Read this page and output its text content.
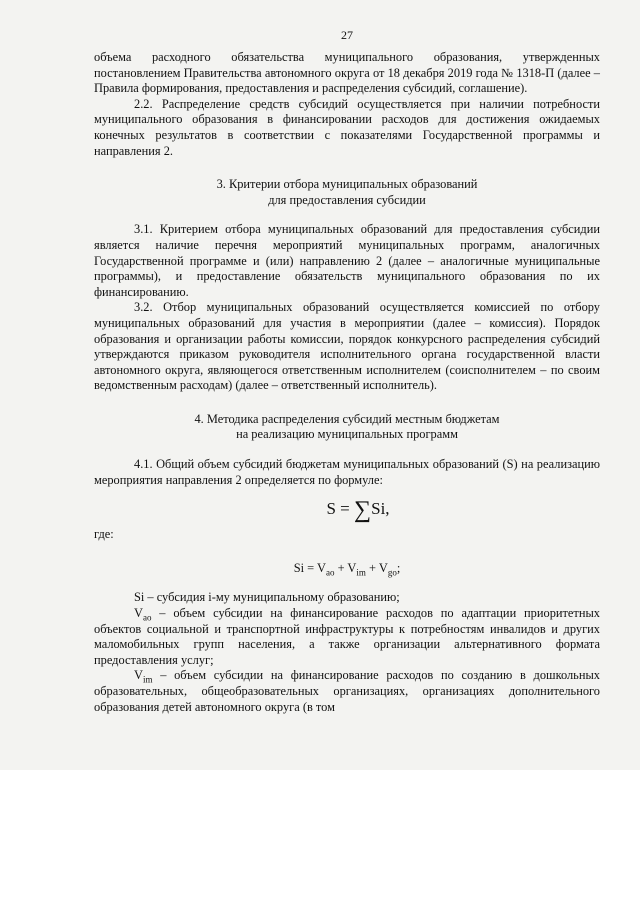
27

объема расходного обязательства муниципального образования, утвержденных постановлением Правительства автономного округа от 18 декабря 2019 года № 1318-П (далее – Правила формирования, предоставления и распределения субсидий, соглашение).

2.2. Распределение средств субсидий осуществляется при наличии потребности муниципального образования в финансировании расходов для достижения ожидаемых конечных результатов в соответствии с показателями Государственной программы и направления 2.

3. Критерии отбора муниципальных образований
для предоставления субсидии

3.1. Критерием отбора муниципальных образований для предоставления субсидии является наличие перечня мероприятий муниципальных программ, аналогичных Государственной программе и (или) направлению 2 (далее – аналогичные муниципальные программы), и предоставление обязательств муниципального образования по их финансированию.

3.2. Отбор муниципальных образований осуществляется комиссией по отбору муниципальных образований для участия в мероприятии (далее – комиссия). Порядок образования и организации работы комиссии, порядок конкурсного распределения субсидий утверждаются приказом руководителя исполнительного органа государственной власти автономного округа, являющегося ответственным исполнителем (соисполнителем – по своим ведомственным расходам) (далее – ответственный исполнитель).

4. Методика распределения субсидий местным бюджетам
на реализацию муниципальных программ

4.1. Общий объем субсидий бюджетам муниципальных образований (S) на реализацию мероприятия направления 2 определяется по формуле:

S = ∑Si,

где:

$Si = V_{ao} + V_{im} + V_{go}$;

Si – субсидия i-му муниципальному образованию;

$V_{ao}$ – объем субсидии на финансирование расходов по адаптации приоритетных объектов социальной и транспортной инфраструктуры к потребностям инвалидов и других маломобильных групп населения, а также организации альтернативного формата предоставления услуг;

$V_{im}$ – объем субсидии на финансирование расходов по созданию в дошкольных образовательных, общеобразовательных организациях, организациях дополнительного образования детей автономного округа (в том
